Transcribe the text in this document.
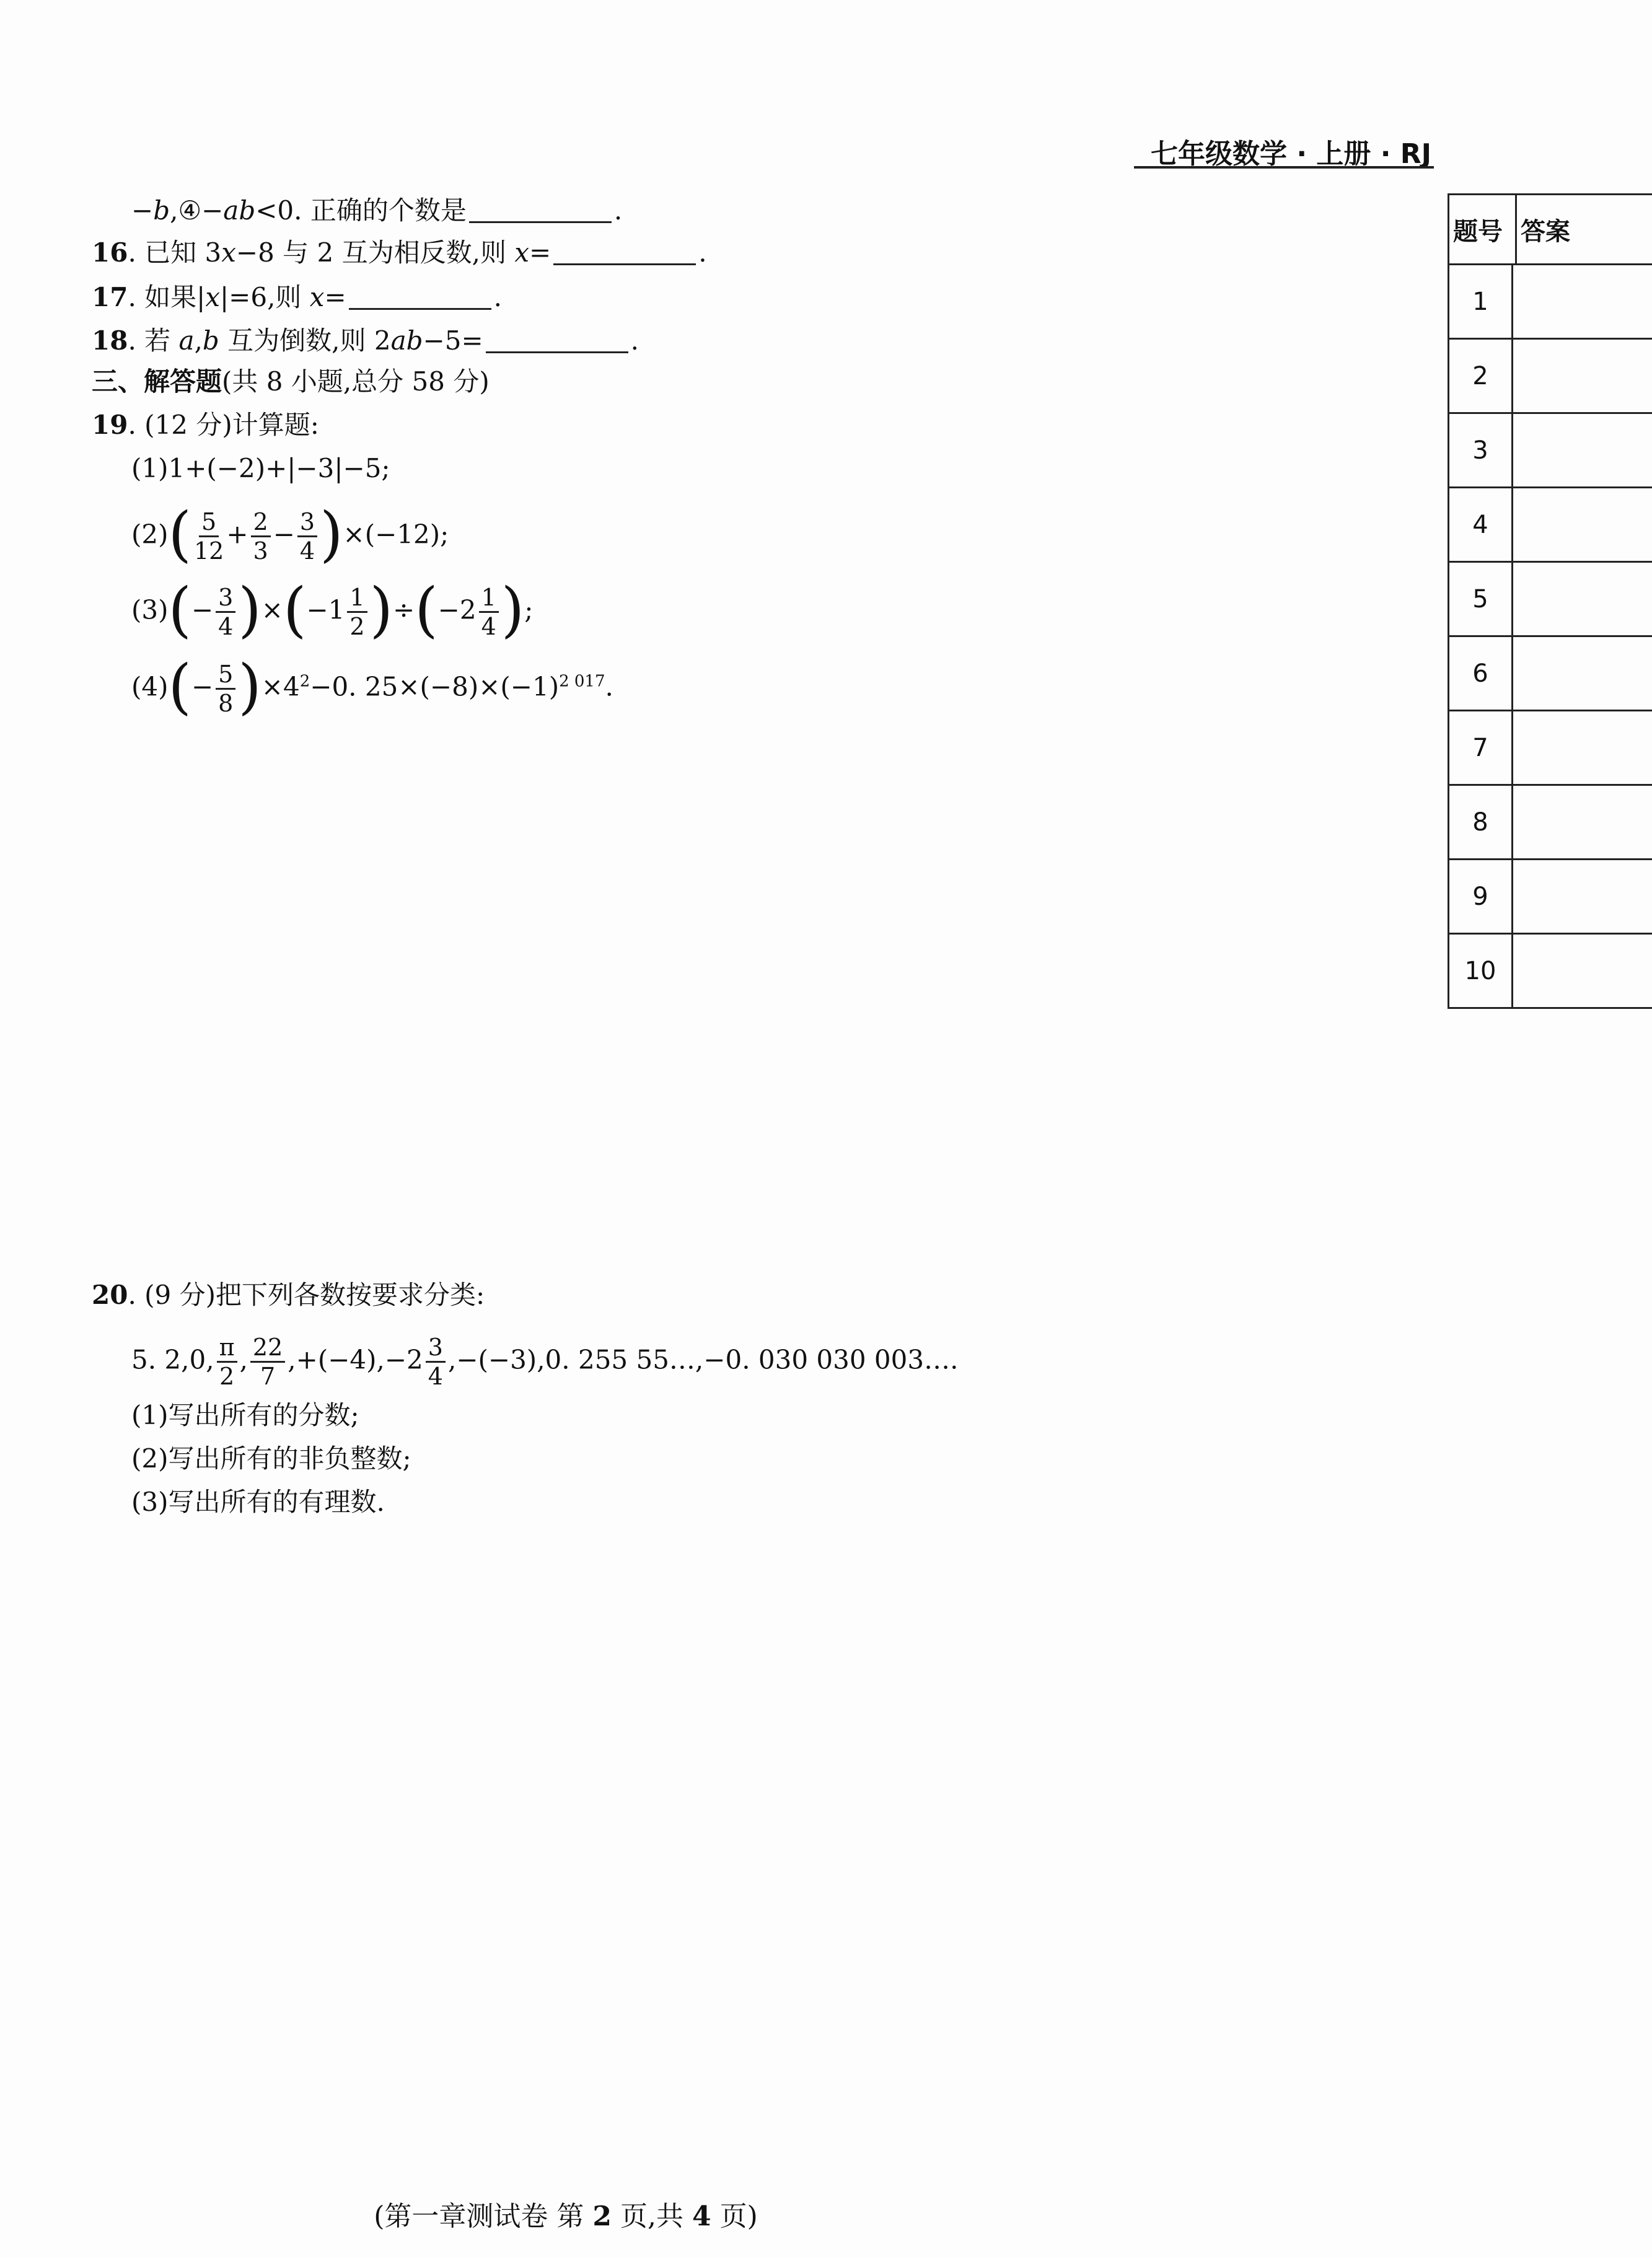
七年级数学 · 上册 · RJ
−b,④−ab<0. 正确的个数是	.
16. 已知 3x−8 与 2 互为相反数,则 x=	.
17. 如果|x|=6,则 x=	.
18. 若 a,b 互为倒数,则 2ab−5=	.
三、解答题(共 8 小题,总分 58 分)
19. (12 分)计算题:
(1)1+(−2)+|−3|−5;
$(2)( \frac{5}{12} + \frac{2}{3} - \frac{3}{4} )\times(-12)$;
$(3)(- \frac{3}{4} )\times(-1 \frac{1}{2} )\div(-2 \frac{1}{4}$ );
$(4)(- \frac{5}{8} )\times 4^2-0$. $25\times(-8)\times(-1)^{2 017}$.
20. (9 分)把下列各数按要求分类:
5. 2,0, $\frac{\pi}{2}$ , $\frac{22}{7} ,+(-4),-2 \frac{3}{4} ,-(-3),0$. 255 55…,−0. 030 030 003….
(1)写出所有的分数;
(2)写出所有的非负整数;
(3)写出所有的有理数.
题号 答案
1
2
3
4
5
6
7
8
9
10
(第一章测试卷 第 2 页,共 4 页)
